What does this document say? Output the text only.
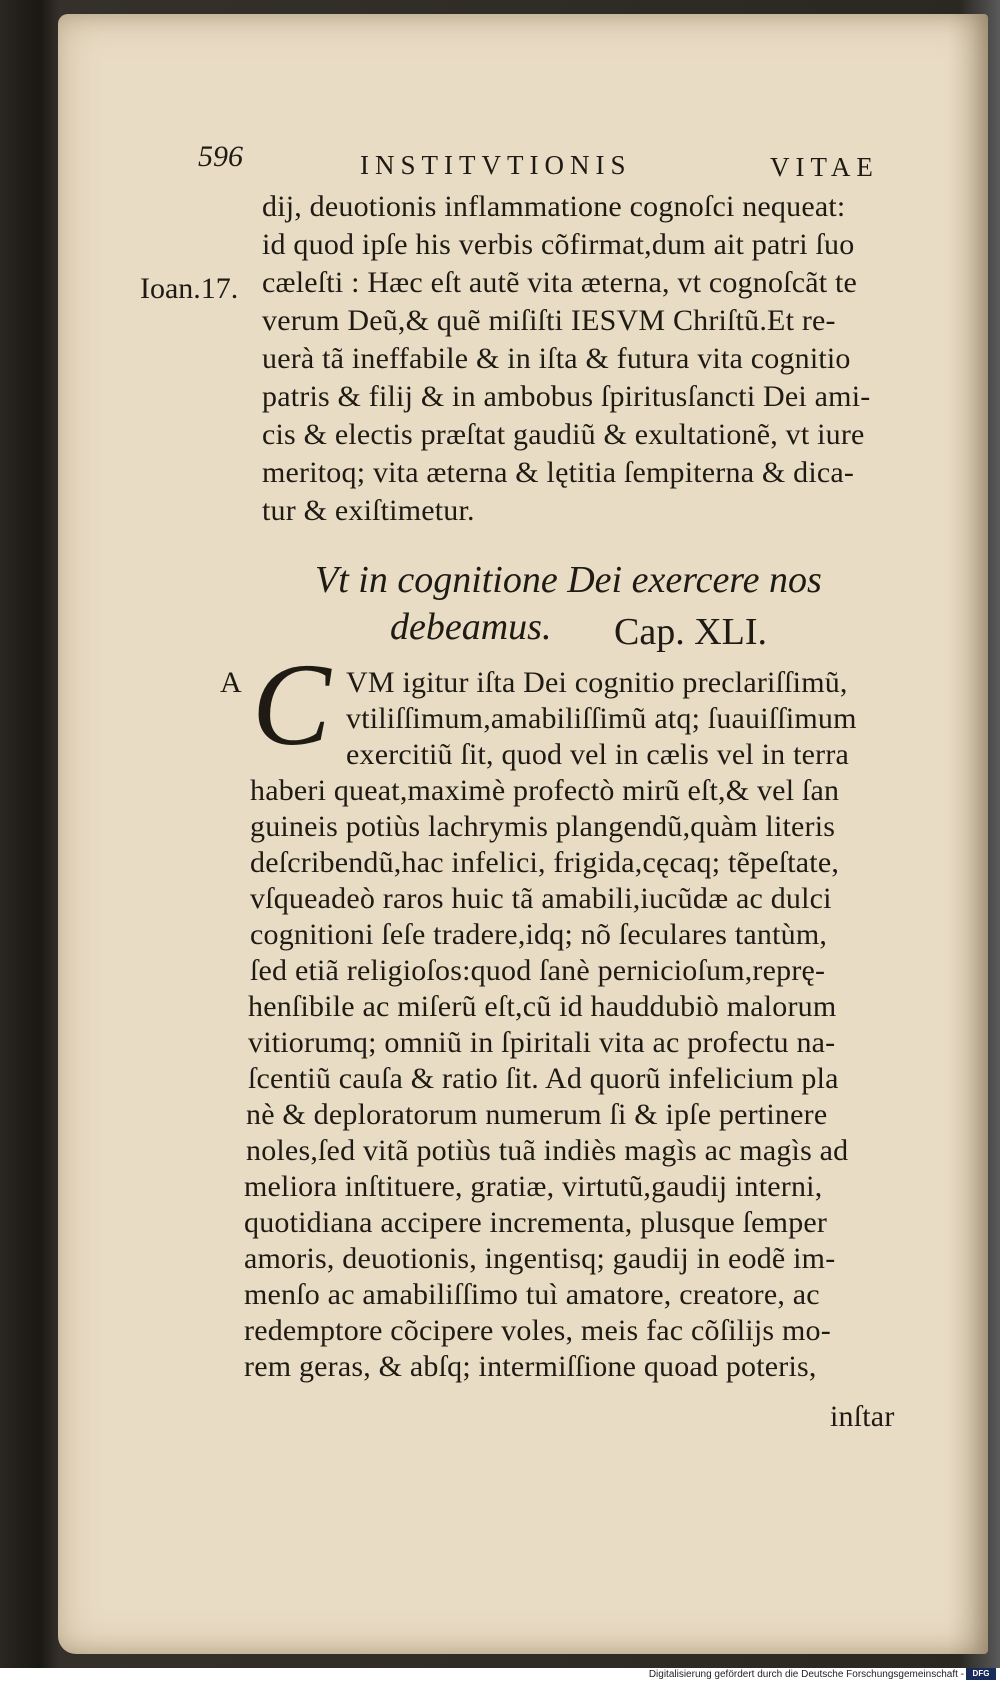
596	INSTITVTIONIS	VITAE
Ioan.17.
dij, deuotionis inflammatione cognoſci nequeat:
id quod ipſe his verbis cõfirmat,dum ait patri ſuo
cæleſti : Hæc eſt autẽ vita æterna, vt cognoſcãt te
verum Deũ,& quẽ miſiſti IESVM Chriſtũ.Et re-
uerà tã ineffabile & in iſta & futura vita cognitio
patris & filij & in ambobus ſpiritusſancti Dei ami-
cis & electis præſtat gaudiũ & exultationẽ, vt iure
meritoq; vita æterna & lętitia ſempiterna & dica-
tur & exiſtimetur.
Vt in cognitione Dei exercere nos
debeamus. Cap. XLI.
A C VM igitur iſta Dei cognitio preclariſſimũ,
vtiliſſimum,amabiliſſimũ atq; ſuauiſſimum
exercitiũ ſit, quod vel in cælis vel in terra
haberi queat,maximè profectò mirũ eſt,& vel ſan
guineis potiùs lachrymis plangendũ,quàm literis
deſcribendũ,hac infelici, frigida,cęcaq; tẽpeſtate,
vſqueadeò raros huic tã amabili,iucũdæ ac dulci
cognitioni ſeſe tradere,idq; nõ ſeculares tantùm,
ſed etiã religioſos:quod ſanè pernicioſum,reprę-
henſibile ac miſerũ eſt,cũ id hauddubiò malorum
vitiorumq; omniũ in ſpiritali vita ac profectu na-
ſcentiũ cauſa & ratio ſit. Ad quorũ infelicium pla
nè & deploratorum numerum ſi & ipſe pertinere
noles,ſed vitã potiùs tuã indiès magìs ac magìs ad
meliora inſtituere, gratiæ, virtutũ,gaudij interni,
quotidiana accipere incrementa, plusque ſemper
amoris, deuotionis, ingentisq; gaudij in eodẽ im-
menſo ac amabiliſſimo tuì amatore, creatore, ac
redemptore cõcipere voles, meis fac cõſilijs mo-
rem geras, & abſq; intermiſſione quoad poteris,
inſtar
Digitalisierung gefördert durch die Deutsche Forschungsgemeinschaft -	DFG
